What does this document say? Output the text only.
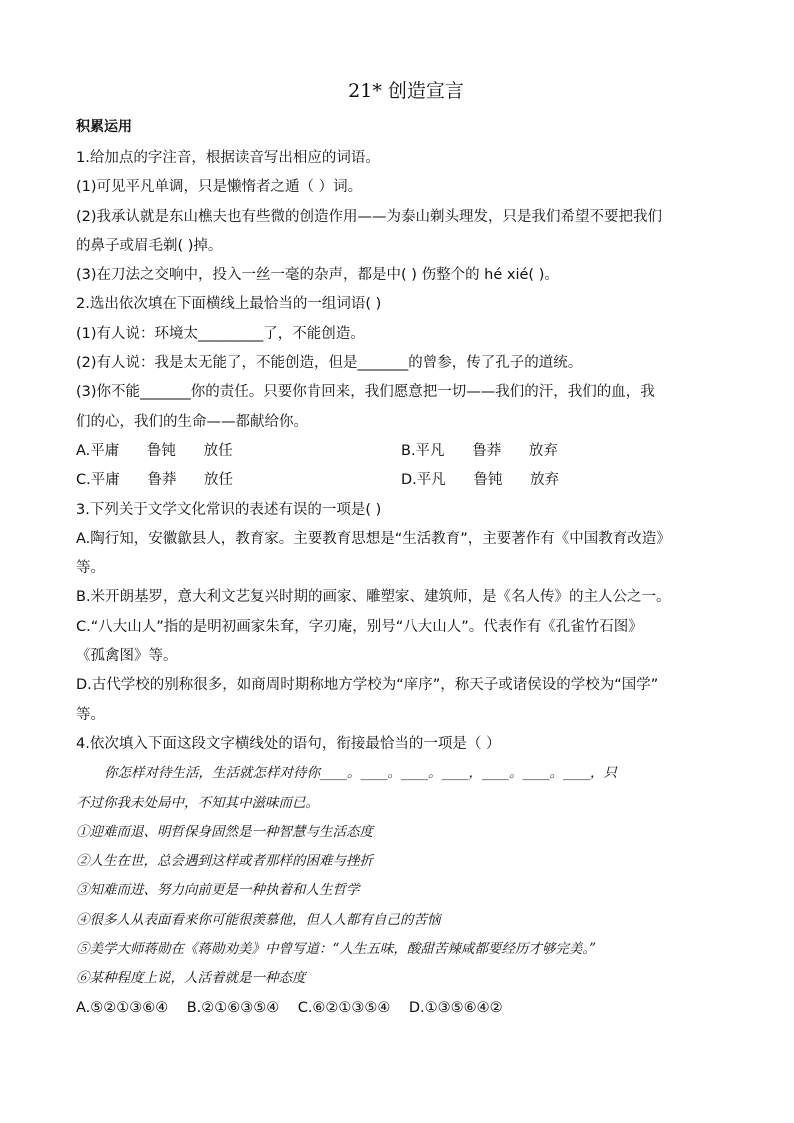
21* 创造宣言
积累运用
1.给加点的字注音，根据读音写出相应的词语。
(1)可见平凡单调，只是懒惰者之遁（ ）词。
(2)我承认就是东山樵夫也有些微的创造作用——为泰山剃头理发，只是我们希望不要把我们
的鼻子或眉毛剃( )掉。
(3)在刀法之交响中，投入一丝一毫的杂声，都是中( ) 伤整个的 hé xié( )。
2.选出依次填在下面横线上最恰当的一组词语( )
(1)有人说：环境太_________了，不能创造。
(2)有人说：我是太无能了，不能创造，但是_______的曾参，传了孔子的道统。
(3)你不能_______你的责任。只要你肯回来，我们愿意把一切——我们的汗，我们的血，我
们的心，我们的生命——都献给你。
A.平庸      鲁钝      放任	B.平凡      鲁莽      放弃
C.平庸      鲁莽      放任	D.平凡      鲁钝      放弃
3.下列关于文学文化常识的表述有误的一项是( )
A.陶行知，安徽歙县人，教育家。主要教育思想是“生活教育”，主要著作有《中国教育改造》
等。
B.米开朗基罗，意大利文艺复兴时期的画家、雕塑家、建筑师，是《名人传》的主人公之一。
C.“八大山人”指的是明初画家朱耷，字刃庵，别号“八大山人”。代表作有《孔雀竹石图》
《孤禽图》等。
D.古代学校的别称很多，如商周时期称地方学校为“庠序”，称天子或诸侯设的学校为“国学”
等。
4.依次填入下面这段文字横线处的语句，衔接最恰当的一项是（ ）
你怎样对待生活，生活就怎样对待你____。____。____。____，____。____。____，只
不过你我未处局中，不知其中滋味而已。
①迎难而退、明哲保身固然是一种智慧与生活态度
②人生在世，总会遇到这样或者那样的困难与挫折
③知难而进、努力向前更是一种执着和人生哲学
④很多人从表面看来你可能很羡慕他，但人人都有自己的苦恼
⑤美学大师蒋勋在《蒋勋劝美》中曾写道：“人生五味，酸甜苦辣咸都要经历才够完美。”
⑥某种程度上说，人活着就是一种态度
A.⑤②①③⑥④    B.②①⑥③⑤④    C.⑥②①③⑤④    D.①③⑤⑥④②
